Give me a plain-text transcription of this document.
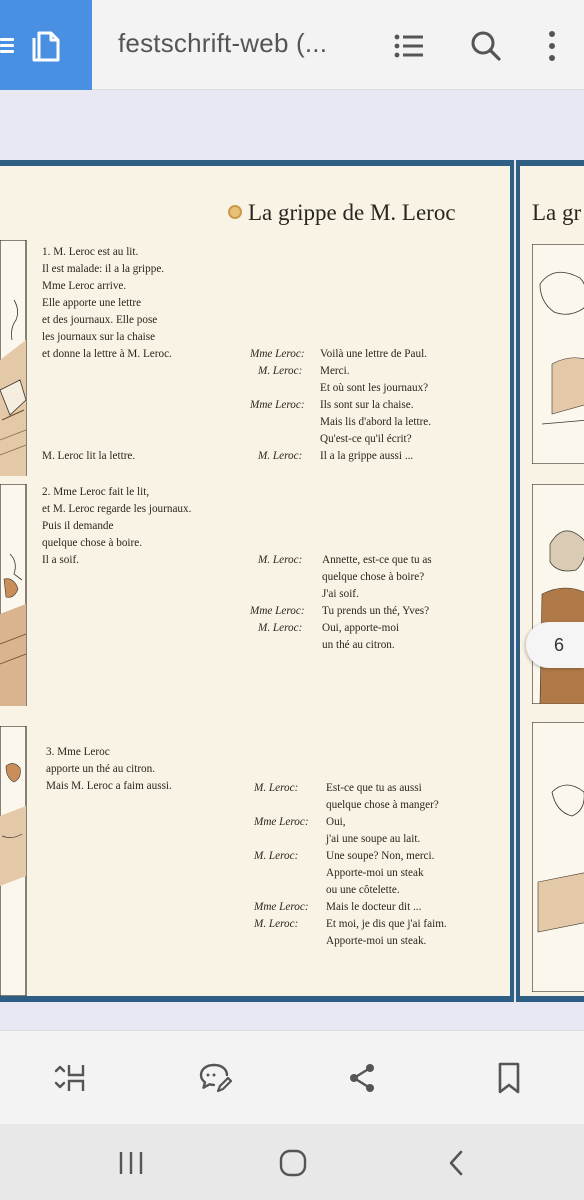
festschrift-web (...
La grippe de M. Leroc
1. M. Leroc est au lit.
Il est malade: il a la grippe.
Mme Leroc arrive.
Elle apporte une lettre
et des journaux. Elle pose
les journaux sur la chaise
et donne la lettre à M. Leroc.
M. Leroc lit la lettre.
Mme Leroc: Voilà une lettre de Paul.
M. Leroc: Merci.
Et où sont les journaux?
Mme Leroc: Ils sont sur la chaise.
Mais lis d'abord la lettre.
Qu'est-ce qu'il écrit?
M. Leroc: Il a la grippe aussi ...
2. Mme Leroc fait le lit,
et M. Leroc regarde les journaux.
Puis il demande
quelque chose à boire.
Il a soif.	M. Leroc: Annette, est-ce que tu as
quelque chose à boire?
J'ai soif.
Mme Leroc: Tu prends un thé, Yves?
M. Leroc: Oui, apporte-moi
un thé au citron.
3. Mme Leroc
apporte un thé au citron.
Mais M. Leroc a faim aussi.	M. Leroc: Est-ce que tu as aussi
quelque chose à manger?
Mme Leroc: Oui,
j'ai une soupe au lait.
M. Leroc: Une soupe? Non, merci.
Apporte-moi un steak
ou une côtelette.
Mme Leroc: Mais le docteur dit ...
M. Leroc: Et moi, je dis que j'ai faim.
Apporte-moi un steak.
La gr
6
